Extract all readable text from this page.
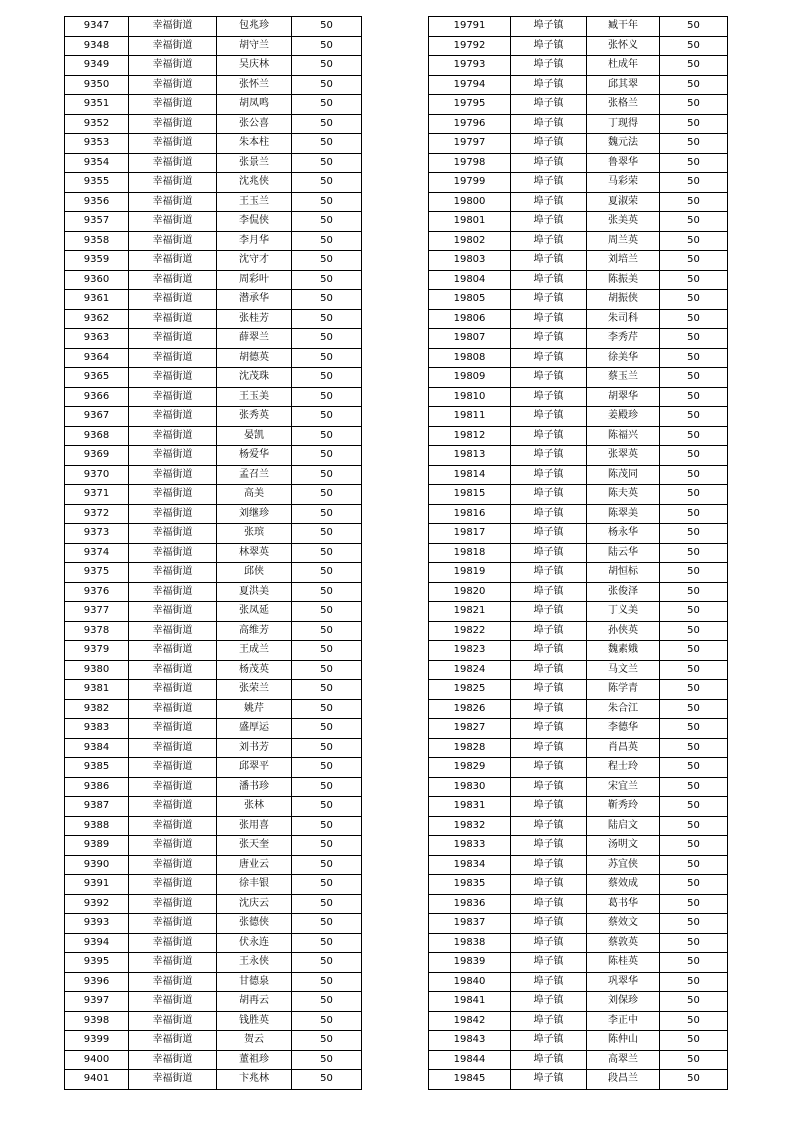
9347	幸福街道	包兆珍	50
9348	幸福街道	胡守兰	50
9349	幸福街道	吴庆林	50
9350	幸福街道	张怀兰	50
9351	幸福街道	胡凤鸣	50
9352	幸福街道	张公喜	50
9353	幸福街道	朱本柱	50
9354	幸福街道	张景兰	50
9355	幸福街道	沈兆侠	50
9356	幸福街道	王玉兰	50
9357	幸福街道	李侃侠	50
9358	幸福街道	李月华	50
9359	幸福街道	沈守才	50
9360	幸福街道	周彩叶	50
9361	幸福街道	潜承华	50
9362	幸福街道	张桂芳	50
9363	幸福街道	薛翠兰	50
9364	幸福街道	胡德英	50
9365	幸福街道	沈茂珠	50
9366	幸福街道	王玉美	50
9367	幸福街道	张秀英	50
9368	幸福街道	晏凯	50
9369	幸福街道	杨爱华	50
9370	幸福街道	孟召兰	50
9371	幸福街道	高美	50
9372	幸福街道	刘继珍	50
9373	幸福街道	张瑸	50
9374	幸福街道	林翠英	50
9375	幸福街道	邱侠	50
9376	幸福街道	夏洪美	50
9377	幸福街道	张凤延	50
9378	幸福街道	高维芳	50
9379	幸福街道	王成兰	50
9380	幸福街道	杨茂英	50
9381	幸福街道	张荣兰	50
9382	幸福街道	姚芹	50
9383	幸福街道	盛厚运	50
9384	幸福街道	刘书芳	50
9385	幸福街道	邱翠平	50
9386	幸福街道	潘书珍	50
9387	幸福街道	张林	50
9388	幸福街道	张用喜	50
9389	幸福街道	张天奎	50
9390	幸福街道	唐业云	50
9391	幸福街道	徐丰银	50
9392	幸福街道	沈庆云	50
9393	幸福街道	张德侠	50
9394	幸福街道	伏永连	50
9395	幸福街道	王永侠	50
9396	幸福街道	甘德泉	50
9397	幸福街道	胡再云	50
9398	幸福街道	钱胜英	50
9399	幸福街道	贺云	50
9400	幸福街道	董祖珍	50
9401	幸福街道	卞兆林	50
19791	埠子镇	臧干年	50
19792	埠子镇	张怀义	50
19793	埠子镇	杜成年	50
19794	埠子镇	邱其翠	50
19795	埠子镇	张格兰	50
19796	埠子镇	丁现得	50
19797	埠子镇	魏元法	50
19798	埠子镇	鲁翠华	50
19799	埠子镇	马彩荣	50
19800	埠子镇	夏淑荣	50
19801	埠子镇	张美英	50
19802	埠子镇	周兰英	50
19803	埠子镇	刘培兰	50
19804	埠子镇	陈振美	50
19805	埠子镇	胡振侠	50
19806	埠子镇	朱司科	50
19807	埠子镇	李秀芹	50
19808	埠子镇	徐美华	50
19809	埠子镇	蔡玉兰	50
19810	埠子镇	胡翠华	50
19811	埠子镇	姜殿珍	50
19812	埠子镇	陈福兴	50
19813	埠子镇	张翠英	50
19814	埠子镇	陈茂同	50
19815	埠子镇	陈夫英	50
19816	埠子镇	陈翠美	50
19817	埠子镇	杨永华	50
19818	埠子镇	陆云华	50
19819	埠子镇	胡恒标	50
19820	埠子镇	张俊泽	50
19821	埠子镇	丁义美	50
19822	埠子镇	孙侠英	50
19823	埠子镇	魏素娥	50
19824	埠子镇	马文兰	50
19825	埠子镇	陈学青	50
19826	埠子镇	朱合江	50
19827	埠子镇	李德华	50
19828	埠子镇	肖昌英	50
19829	埠子镇	程士玲	50
19830	埠子镇	宋宜兰	50
19831	埠子镇	靳秀玲	50
19832	埠子镇	陆启文	50
19833	埠子镇	汤明文	50
19834	埠子镇	苏宜侠	50
19835	埠子镇	蔡效成	50
19836	埠子镇	葛书华	50
19837	埠子镇	蔡效文	50
19838	埠子镇	蔡敦英	50
19839	埠子镇	陈桂英	50
19840	埠子镇	巩翠华	50
19841	埠子镇	刘保珍	50
19842	埠子镇	李正中	50
19843	埠子镇	陈仲山	50
19844	埠子镇	高翠兰	50
19845	埠子镇	段昌兰	50
